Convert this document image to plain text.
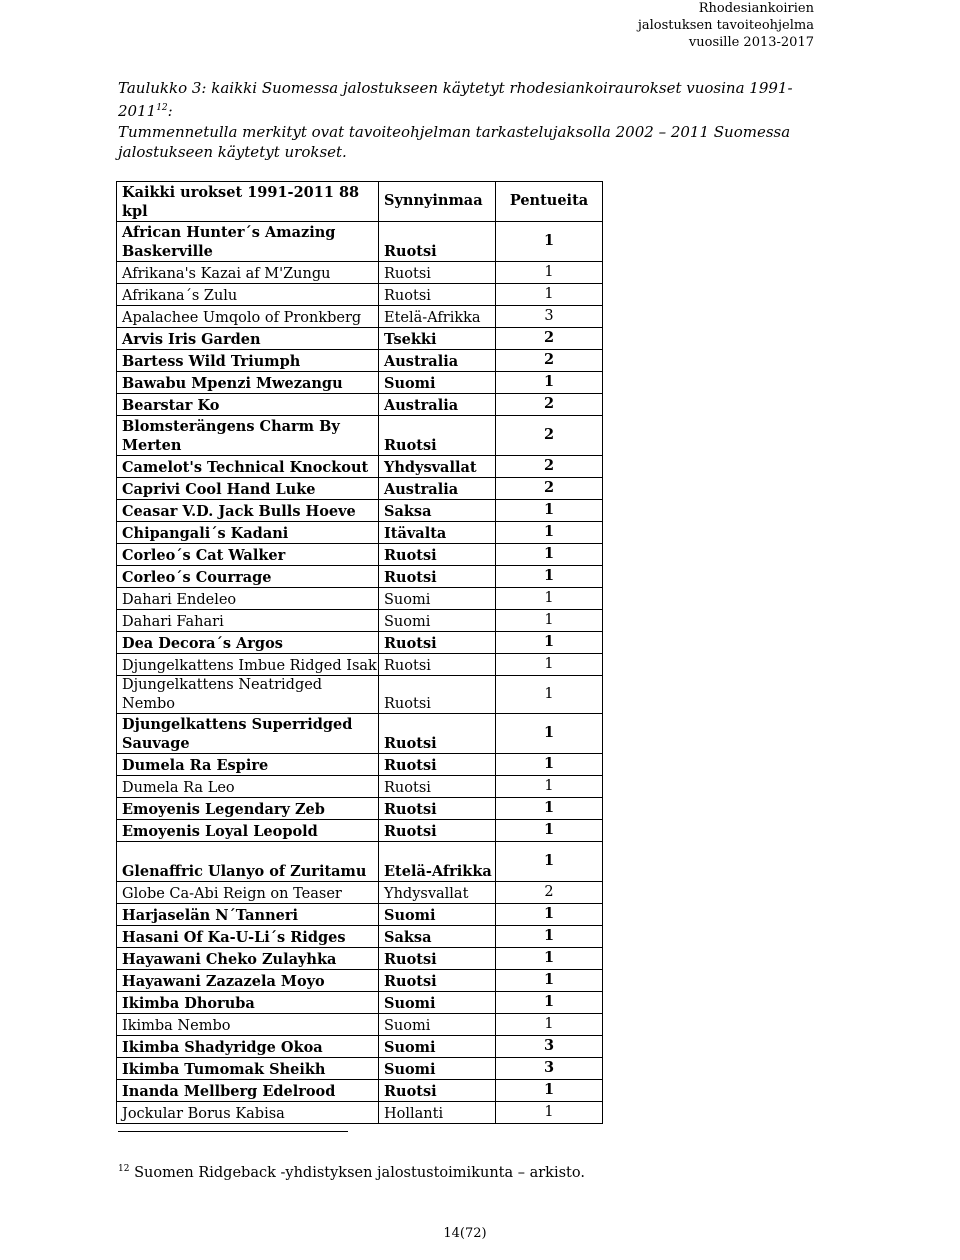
Rhodesiankoirien
jalostuksen tavoiteohjelma
vuosille 2013-2017

Taulukko 3: kaikki Suomessa jalostukseen käytetyt rhodesiankoiraurokset vuosina 1991-2011$^{12}$:

Tummennetulla merkityt ovat tavoiteohjelman tarkastelujaksolla 2002 – 2011 Suomessa jalostukseen käytetyt urokset.

Kaikki urokset 1991-2011 88 kpl	Synnyinmaa	Pentueita
African Hunter´s Amazing Baskerville	Ruotsi	1
Afrikana's Kazai af M'Zungu	Ruotsi	1
Afrikana´s Zulu	Ruotsi	1
Apalachee Umqolo of Pronkberg	Etelä-Afrikka	3
Arvis Iris Garden	Tsekki	2
Bartess Wild Triumph	Australia	2
Bawabu Mpenzi Mwezangu	Suomi	1
Bearstar Ko	Australia	2
Blomsterängens Charm By Merten	Ruotsi	2
Camelot's Technical Knockout	Yhdysvallat	2
Caprivi Cool Hand Luke	Australia	2
Ceasar V.D. Jack Bulls Hoeve	Saksa	1
Chipangali´s Kadani	Itävalta	1
Corleo´s Cat Walker	Ruotsi	1
Corleo´s Courrage	Ruotsi	1
Dahari Endeleo	Suomi	1
Dahari Fahari	Suomi	1
Dea Decora´s Argos	Ruotsi	1
Djungelkattens Imbue Ridged Isak	Ruotsi	1
Djungelkattens Neatridged Nembo	Ruotsi	1
Djungelkattens Superridged Sauvage	Ruotsi	1
Dumela Ra Espire	Ruotsi	1
Dumela Ra Leo	Ruotsi	1
Emoyenis Legendary Zeb	Ruotsi	1
Emoyenis Loyal Leopold	Ruotsi	1
Glenaffric Ulanyo of Zuritamu	Etelä-Afrikka	1
Globe Ca-Abi Reign on Teaser	Yhdysvallat	2
Harjaselän N´Tanneri	Suomi	1
Hasani Of Ka-U-Li´s Ridges	Saksa	1
Hayawani Cheko Zulayhka	Ruotsi	1
Hayawani Zazazela Moyo	Ruotsi	1
Ikimba Dhoruba	Suomi	1
Ikimba Nembo	Suomi	1
Ikimba Shadyridge Okoa	Suomi	3
Ikimba Tumomak Sheikh	Suomi	3
Inanda Mellberg Edelrood	Ruotsi	1
Jockular Borus Kabisa	Hollanti	1
$^{12}$ Suomen Ridgeback -yhdistyksen jalostustoimikunta – arkisto.
14(72)
